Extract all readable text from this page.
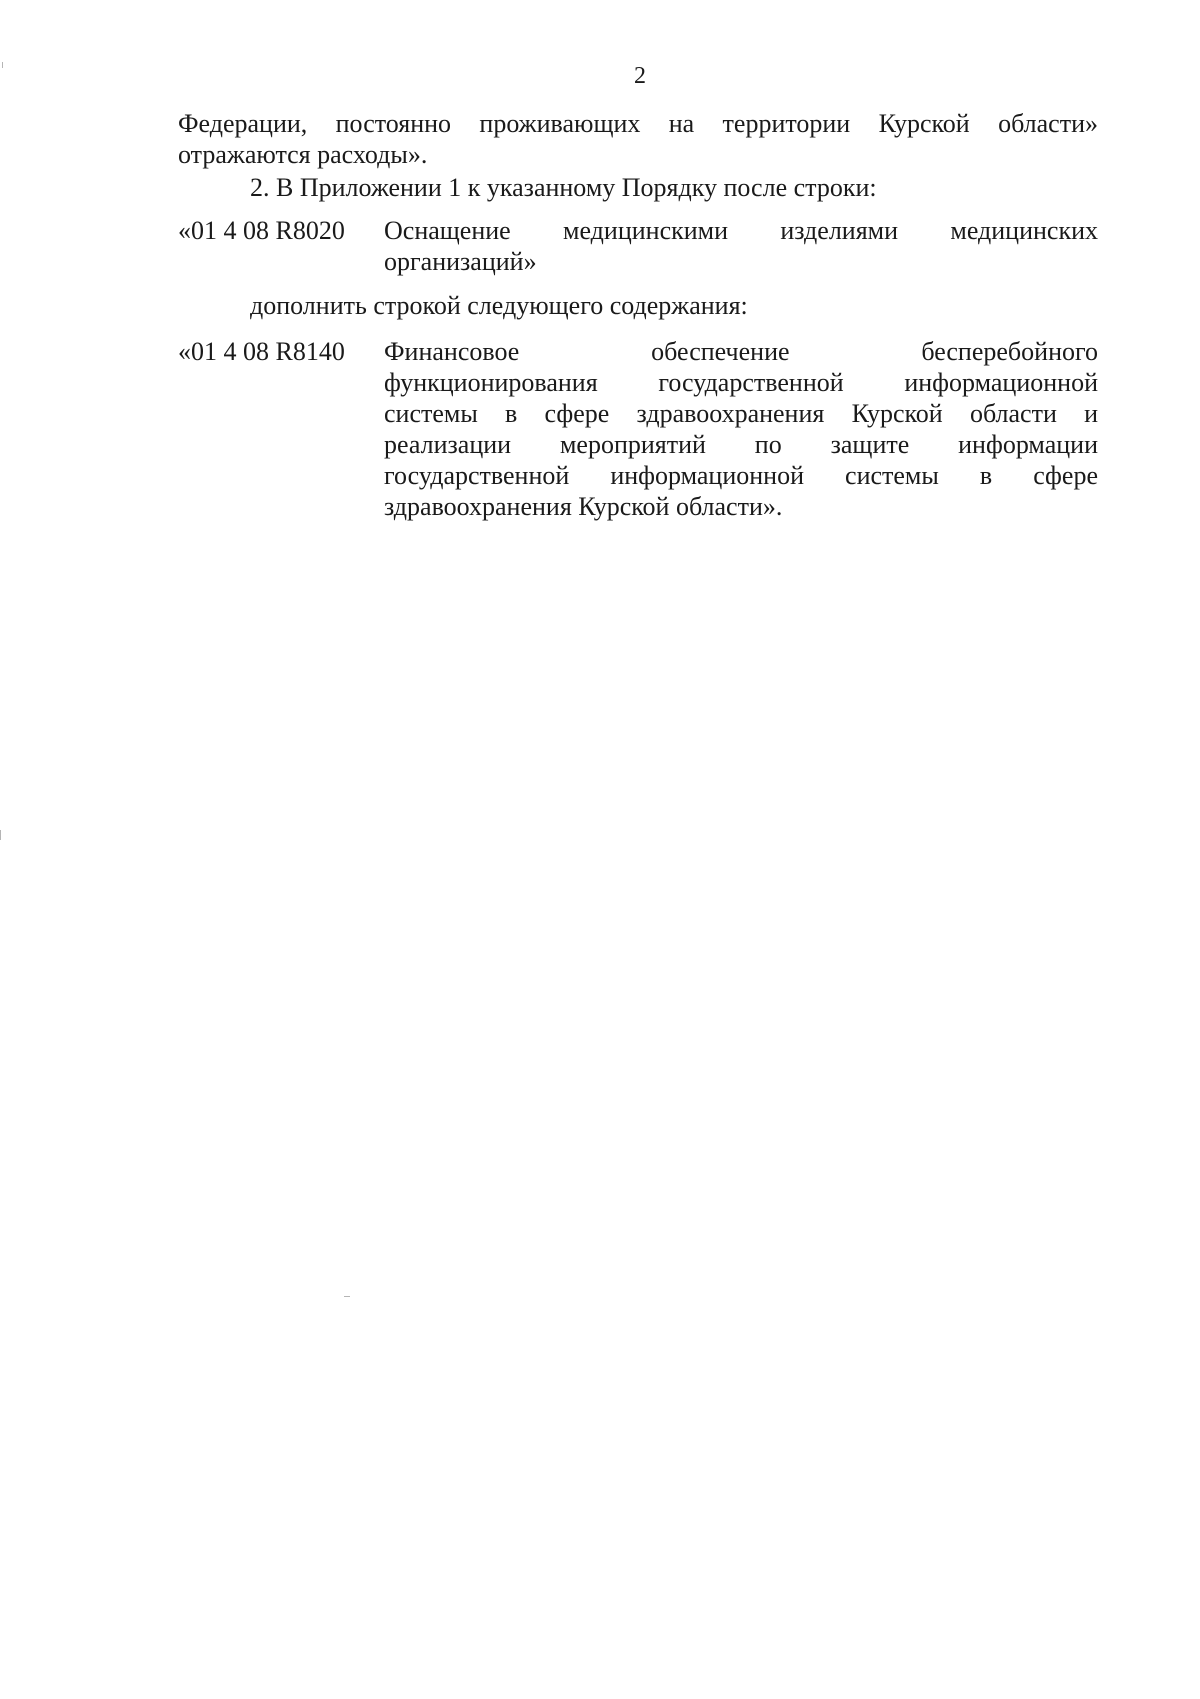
2
Федерации, постоянно проживающих на территории Курской области»
отражаются расходы».
2. В Приложении 1 к указанному Порядку после строки:
«01 4 08 R8020	Оснащение медицинскими изделиями медицинских
организаций»
дополнить строкой следующего содержания:
«01 4 08 R8140	Финансовое обеспечение бесперебойного
функционирования государственной информационной
системы в сфере здравоохранения Курской области и
реализации мероприятий по защите информации
государственной информационной системы в сфере
здравоохранения Курской области».
